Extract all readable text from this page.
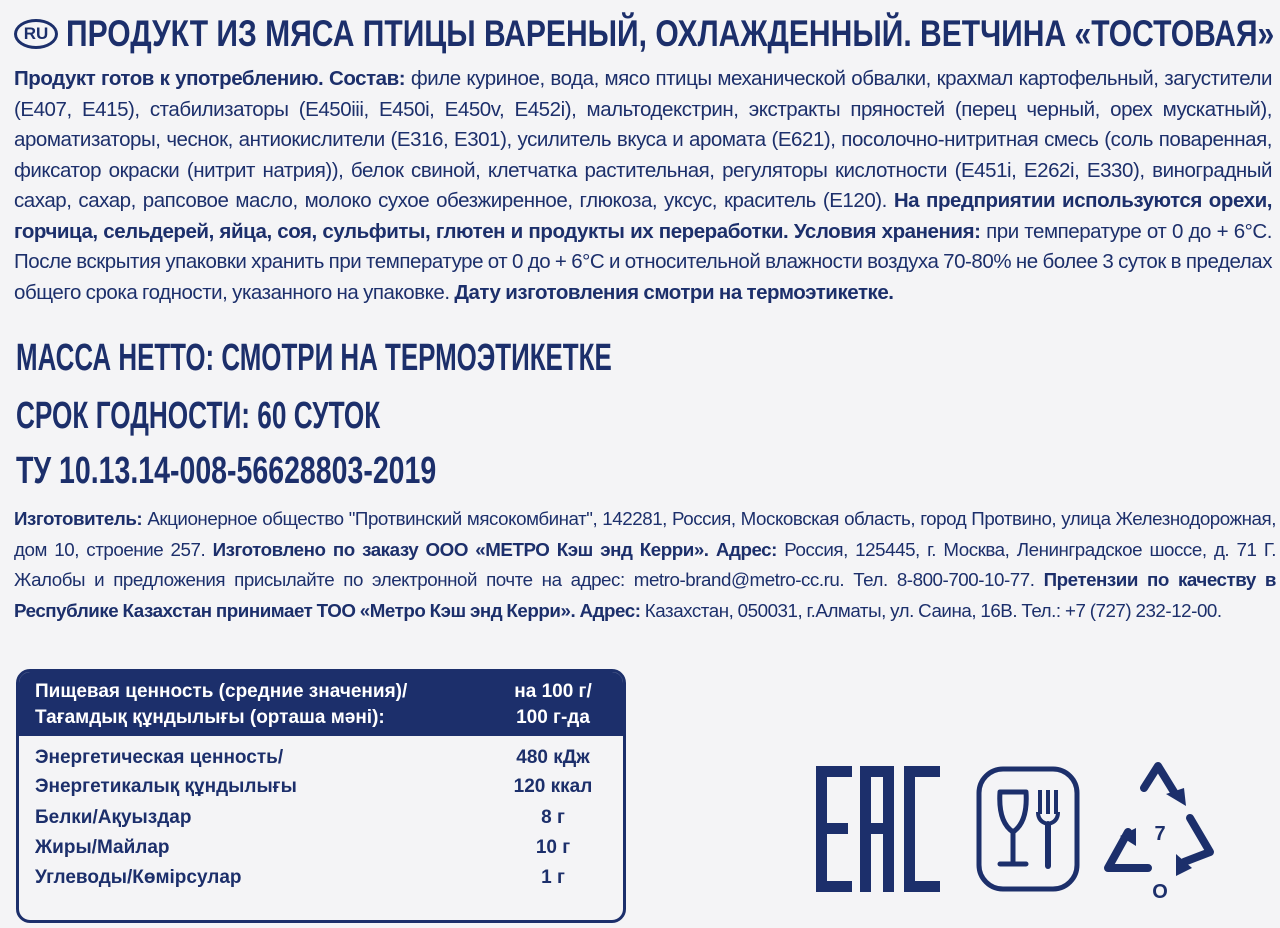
RU ПРОДУКТ ИЗ МЯСА ПТИЦЫ ВАРЕНЫЙ, ОХЛАЖДЕННЫЙ. ВЕТЧИНА «ТОСТОВАЯ»
Продукт готов к употреблению. Состав: филе куриное, вода, мясо птицы механической обвалки, крахмал картофельный, загустители (Е407, Е415), стабилизаторы (Е450iii, Е450i, Е450v, Е452i), мальтодекстрин, экстракты пряностей (перец черный, орех мускатный), ароматизаторы, чеснок, антиокислители (Е316, Е301), усилитель вкуса и аромата (Е621), посолочно-нитритная смесь (соль поваренная, фиксатор окраски (нитрит натрия)), белок свиной, клетчатка растительная, регуляторы кислотности (Е451i, Е262i, Е330), виноградный сахар, сахар, рапсовое масло, молоко сухое обезжиренное, глюкоза, уксус, краситель (Е120). На предприятии используются орехи, горчица, сельдерей, яйца, соя, сульфиты, глютен и продукты их переработки. Условия хранения: при температуре от 0 до + 6°С. После вскрытия упаковки хранить при температуре от 0 до + 6°С и относительной влажности воздуха 70-80% не более 3 суток в пределах общего срока годности, указанного на упаковке. Дату изготовления смотри на термоэтикетке.
МАССА НЕТТО: СМОТРИ НА ТЕРМОЭТИКЕТКЕ
СРОК ГОДНОСТИ: 60 СУТОК
ТУ 10.13.14-008-56628803-2019
Изготовитель: Акционерное общество "Протвинский мясокомбинат", 142281, Россия, Московская область, город Протвино, улица Железнодорожная, дом 10, строение 257. Изготовлено по заказу ООО «МЕТРО Кэш энд Керри». Адрес: Россия, 125445, г. Москва, Ленинградское шоссе, д. 71 Г. Жалобы и предложения присылайте по электронной почте на адрес: metro-brand@metro-cc.ru. Тел. 8-800-700-10-77. Претензии по качеству в Республике Казахстан принимает ТОО «Метро Кэш энд Керри». Адрес: Казахстан, 050031, г.Алматы, ул. Саина, 16В. Тел.: +7 (727) 232-12-00.
Пищевая ценность (средние значения)/	на 100 г/
Тағамдық құндылығы (орташа мәні):	100 г-да
Энергетическая ценность/	480 кДж
Энергетикалық құндылығы	120 ккал
Белки/Ақуыздар	8 г
Жиры/Майлар	10 г
Углеводы/Көмірсулар	1 г
7
O
